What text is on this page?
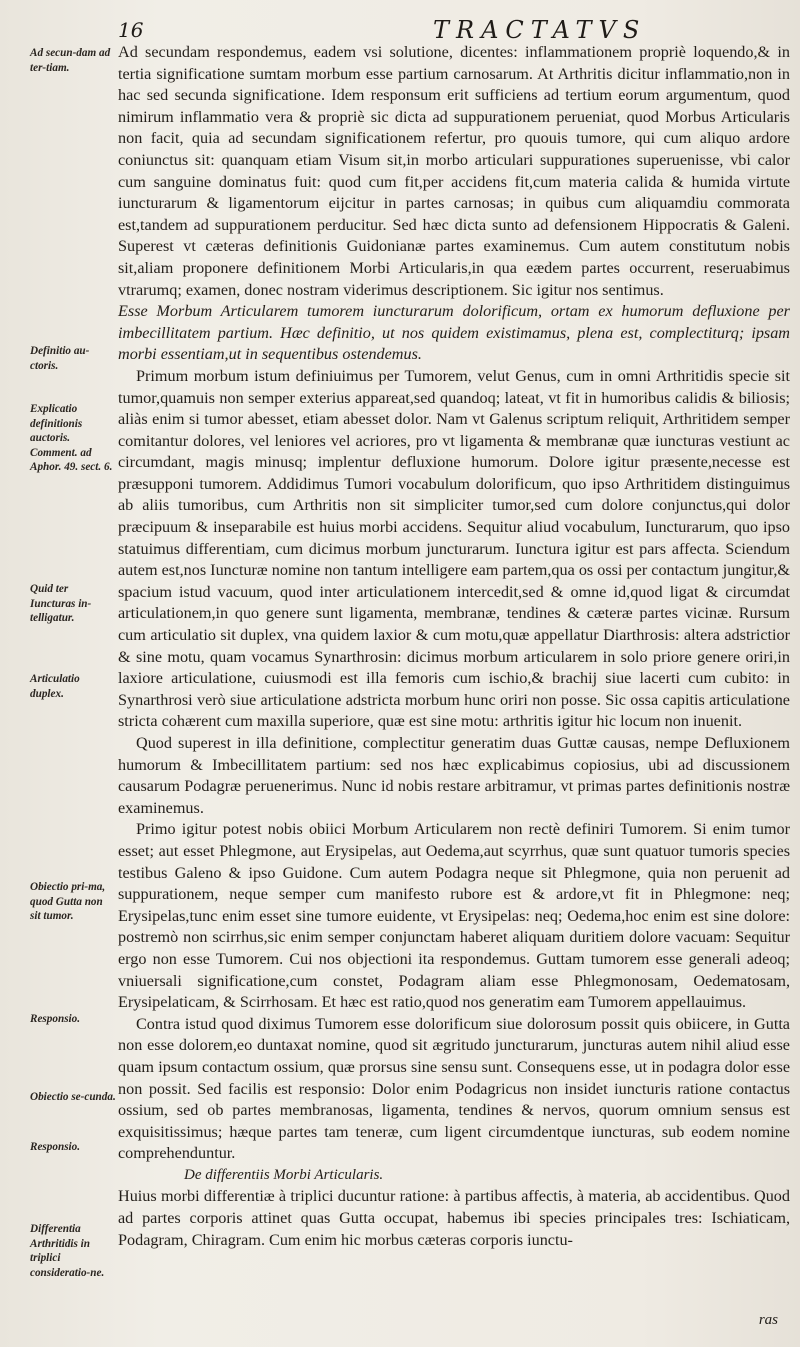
16	TRACTATVS
Ad secun-dam ad ter-tiam.
Definitio au-ctoris.
Explicatio definitionis auctoris. Comment. ad Aphor. 49. sect. 6.
Quid ter Iuncturas in-telligatur.
Articulatio duplex.
Obiectio pri-ma, quod Gutta non sit tumor.
Responsio.
Obiectio se-cunda.
Responsio.
Differentia Arthritidis in triplici consideratio-ne.

Ad secundam respondemus, eadem vsi solutione, dicentes: inflammationem propriè loquendo,& in tertia significatione sumtam morbum esse partium carnosarum. At Arthritis dicitur inflammatio,non in hac sed secunda significatione. Idem responsum erit sufficiens ad tertium eorum argumentum, quod nimirum inflammatio vera & propriè sic dicta ad suppurationem perueniat, quod Morbus Articularis non facit, quia ad secundam significationem refertur, pro quouis tumore, qui cum aliquo ardore coniunctus sit: quanquam etiam Visum sit,in morbo articulari suppurationes superuenisse, vbi calor cum sanguine dominatus fuit: quod cum fit,per accidens fit,cum materia calida & humida virtute iuncturarum & ligamentorum eijcitur in partes carnosas; in quibus cum aliquamdiu commorata est,tandem ad suppurationem perducitur. Sed hæc dicta sunto ad defensionem Hippocratis & Galeni. Superest vt cæteras definitionis Guidonianæ partes examinemus. Cum autem constitutum nobis sit,aliam proponere definitionem Morbi Articularis,in qua eædem partes occurrent, reseruabimus vtrarumq; examen, donec nostram viderimus descriptionem. Sic igitur nos sentimus.

Esse Morbum Articularem tumorem iuncturarum dolorificum, ortam ex humorum defluxione per imbecillitatem partium. Hæc definitio, ut nos quidem existimamus, plena est, complectiturq; ipsam morbi essentiam,ut in sequentibus ostendemus.

Primum morbum istum definiuimus per Tumorem, velut Genus, cum in omni Arthritidis specie sit tumor,quamuis non semper exterius appareat,sed quandoq; lateat, vt fit in humoribus calidis & biliosis; aliàs enim si tumor abesset, etiam abesset dolor. Nam vt Galenus scriptum reliquit, Arthritidem semper comitantur dolores, vel leniores vel acriores, pro vt ligamenta & membranæ quæ iuncturas vestiunt ac circumdant, magis minusq; implentur defluxione humorum. Dolore igitur præsente,necesse est præsupponi tumorem. Addidimus Tumori vocabulum dolorificum, quo ipso Arthritidem distinguimus ab aliis tumoribus, cum Arthritis non sit simpliciter tumor,sed cum dolore conjunctus,qui dolor præcipuum & inseparabile est huius morbi accidens. Sequitur aliud vocabulum, Iuncturarum, quo ipso statuimus differentiam, cum dicimus morbum juncturarum. Iunctura igitur est pars affecta. Sciendum autem est,nos Iuncturæ nomine non tantum intelligere eam partem,qua os ossi per contactum jungitur,& spacium istud vacuum, quod inter articulationem intercedit,sed & omne id,quod ligat & circumdat articulationem,in quo genere sunt ligamenta, membranæ, tendines & cæteræ partes vicinæ. Rursum cum articulatio sit duplex, vna quidem laxior & cum motu,quæ appellatur Diarthrosis: altera adstrictior & sine motu, quam vocamus Synarthrosin: dicimus morbum articularem in solo priore genere oriri,in laxiore articulatione, cuiusmodi est illa femoris cum ischio,& brachij siue lacerti cum cubito: in Synarthrosi verò siue articulatione adstricta morbum hunc oriri non posse. Sic ossa capitis articulatione stricta cohærent cum maxilla superiore, quæ est sine motu: arthritis igitur hic locum non inuenit.

Quod superest in illa definitione, complectitur generatim duas Guttæ causas, nempe Defluxionem humorum & Imbecillitatem partium: sed nos hæc explicabimus copiosius, ubi ad discussionem causarum Podagræ peruenerimus. Nunc id nobis restare arbitramur, vt primas partes definitionis nostræ examinemus.

Primo igitur potest nobis obiici Morbum Articularem non rectè definiri Tumorem. Si enim tumor esset; aut esset Phlegmone, aut Erysipelas, aut Oedema,aut scyrrhus, quæ sunt quatuor tumoris species testibus Galeno & ipso Guidone. Cum autem Podagra neque sit Phlegmone, quia non peruenit ad suppurationem, neque semper cum manifesto rubore est & ardore,vt fit in Phlegmone: neq; Erysipelas,tunc enim esset sine tumore euidente, vt Erysipelas: neq; Oedema,hoc enim est sine dolore: postremò non scirrhus,sic enim semper conjunctam haberet aliquam duritiem dolore vacuam: Sequitur ergo non esse Tumorem. Cui nos objectioni ita respondemus. Guttam tumorem esse generali adeoq; vniuersali significatione,cum constet, Podagram aliam esse Phlegmonosam, Oedematosam, Erysipelaticam, & Scirrhosam. Et hæc est ratio,quod nos generatim eam Tumorem appellauimus.

Contra istud quod diximus Tumorem esse dolorificum siue dolorosum possit quis obiicere, in Gutta non esse dolorem,eo duntaxat nomine, quod sit ægritudo juncturarum, juncturas autem nihil aliud esse quam ipsum contactum ossium, quæ prorsus sine sensu sunt. Consequens esse, ut in podagra dolor esse non possit. Sed facilis est responsio: Dolor enim Podagricus non insidet iuncturis ratione contactus ossium, sed ob partes membranosas, ligamenta, tendines & nervos, quorum omnium sensus est exquisitissimus; hæque partes tam teneræ, cum ligent circumdentque iuncturas, sub eodem nomine comprehenduntur.

De differentiis Morbi Articularis.

Huius morbi differentiæ à triplici ducuntur ratione: à partibus affectis, à materia, ab accidentibus. Quod ad partes corporis attinet quas Gutta occupat, habemus ibi species principales tres: Ischiaticam, Podagram, Chiragram. Cum enim hic morbus cæteras corporis iunctu-

ras
